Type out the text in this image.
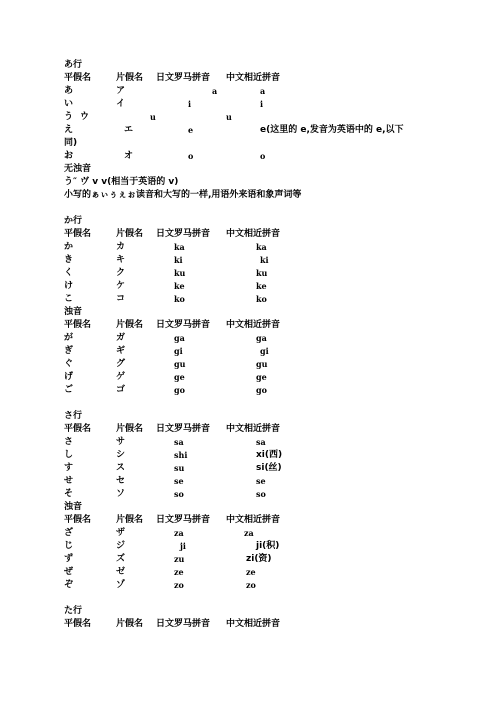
あ行
平假名	片假名 日文罗马拼音 中文相近拼音
あ	ア	a	a
い	イ	i	i
う ウ	u	u
え	エ	e	e(这里的 e,发音为英语中的 e,以下
同)
お	オ	o	o
无浊音
う″ ヴ v v(相当于英语的 v)
小写的ぁぃぅぇぉ读音和大写的一样,用语外来语和象声词等
か行
平假名	片假名 日文罗马拼音 中文相近拼音
か	カ	ka	ka
き	キ	ki	ki
く	ク	ku	ku
け	ケ	ke	ke
こ	コ	ko	ko
浊音
平假名	片假名 日文罗马拼音 中文相近拼音
が	ガ	ga	ga
ぎ	ギ	gi	gi
ぐ	グ	gu	gu
げ	ゲ	ge	ge
ご	ゴ	go	go
さ行
平假名	片假名 日文罗马拼音 中文相近拼音
さ	サ	sa	sa
し	シ	shi	xi(西)
す	ス	su	si(丝)
せ	セ	se	se
そ	ソ	so	so
浊音
平假名	片假名 日文罗马拼音 中文相近拼音
ざ	ザ	za	za
じ	ジ	ji	ji(积)
ず	ズ	zu	zi(资)
ぜ	ゼ	ze	ze
ぞ	ゾ	zo	zo
た行
平假名	片假名 日文罗马拼音 中文相近拼音
